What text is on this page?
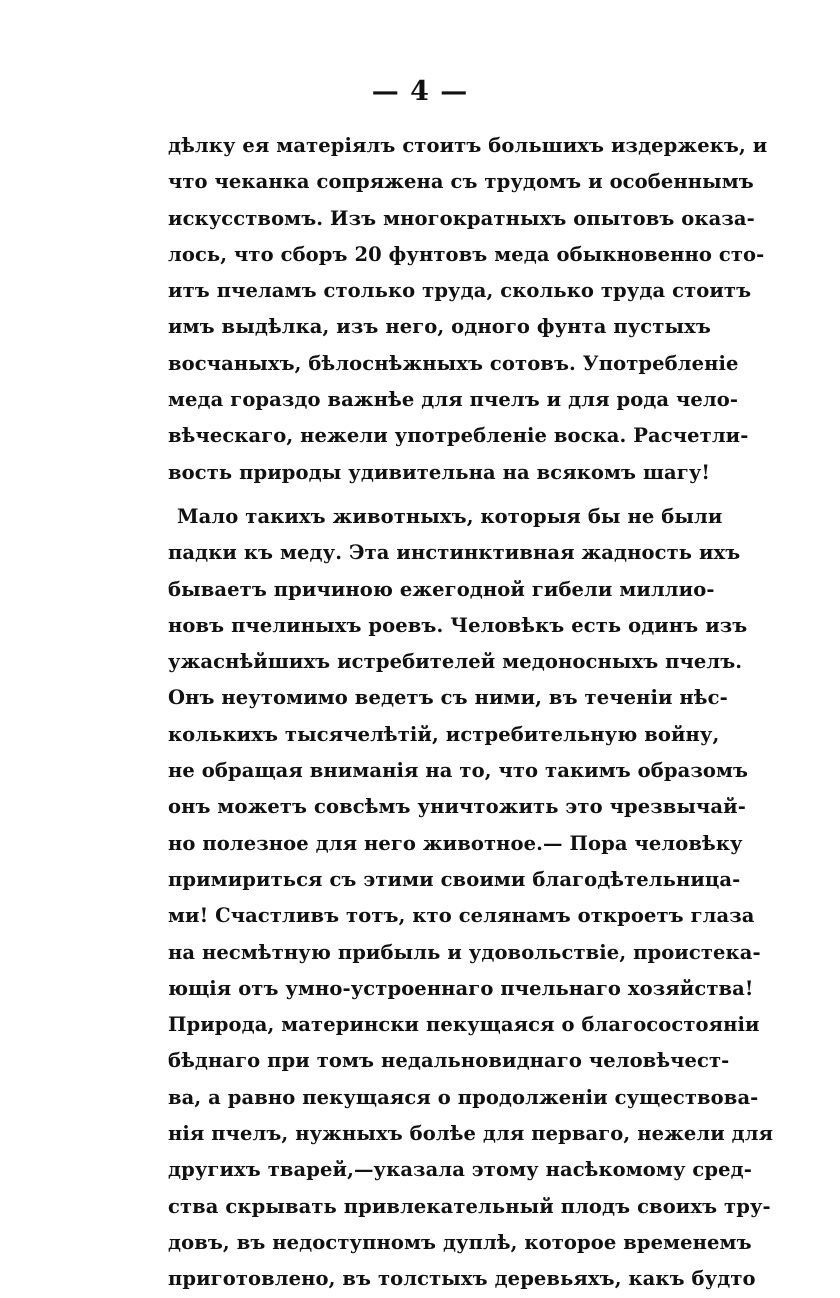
— 4 —
дѣлку ея матеріялъ стоитъ большихъ издержекъ, и
что чеканка сопряжена съ трудомъ и особеннымъ
искусствомъ. Изъ многократныхъ опытовъ оказа-
лось, что сборъ 20 фунтовъ меда обыкновенно сто-
итъ пчеламъ столько труда, сколько труда стоитъ
имъ выдѣлка, изъ него, одного фунта пустыхъ
восчаныхъ, бѣлоснѣжныхъ сотовъ. Употребленіе
меда гораздо важнѣе для пчелъ и для рода чело-
вѣческаго, нежели употребленіе воска. Расчетли-
вость природы удивительна на всякомъ шагу!
Мало такихъ животныхъ, которыя бы не были
падки къ меду. Эта инстинктивная жадность ихъ
бываетъ причиною ежегодной гибели миллио-
новъ пчелиныхъ роевъ. Человѣкъ есть одинъ изъ
ужаснѣйшихъ истребителей медоносныхъ пчелъ.
Онъ неутомимо ведетъ съ ними, въ теченіи нѣс-
колькихъ тысячелѣтій, истребительную войну,
не обращая вниманія на то, что такимъ образомъ
онъ можетъ совсѣмъ уничтожить это чрезвычай-
но полезное для него животное.— Пора человѣку
примириться съ этими своими благодѣтельница-
ми! Счастливъ тотъ, кто селянамъ откроетъ глаза
на несмѣтную прибыль и удовольствіе, проистека-
ющія отъ умно-устроеннаго пчельнаго хозяйства!
Природа, матерински пекущаяся о благосостояніи
бѣднаго при томъ недальновиднаго человѣчест-
ва, а равно пекущаяся о продолженіи существова-
нія пчелъ, нужныхъ болѣе для перваго, нежели для
другихъ тварей,—указала этому насѣкомому сред-
ства скрывать привлекательный плодъ своихъ тру-
довъ, въ недоступномъ дуплѣ, которое временемъ
приготовлено, въ толстыхъ деревьяхъ, какъ будто
